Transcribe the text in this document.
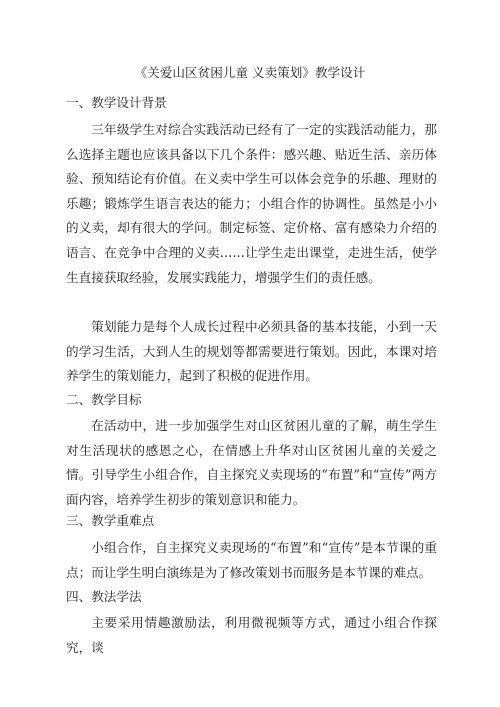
《关爱山区贫困儿童 义卖策划》教学设计
一、教学设计背景

三年级学生对综合实践活动已经有了一定的实践活动能力，那么选择主题也应该具备以下几个条件：感兴趣、贴近生活、亲历体验、预知结论有价值。在义卖中学生可以体会竞争的乐趣、理财的乐趣；锻炼学生语言表达的能力；小组合作的协调性。虽然是小小的义卖，却有很大的学问。制定标签、定价格、富有感染力介绍的语言、在竞争中合理的义卖……让学生走出课堂，走进生活，使学生直接获取经验，发展实践能力，增强学生们的责任感。

策划能力是每个人成长过程中必须具备的基本技能，小到一天的学习生活，大到人生的规划等都需要进行策划。因此，本课对培养学生的策划能力，起到了积极的促进作用。

二、教学目标

在活动中，进一步加强学生对山区贫困儿童的了解，萌生学生对生活现状的感恩之心，在情感上升华对山区贫困儿童的关爱之情。引导学生小组合作，自主探究义卖现场的“布置”和“宣传”两方面内容，培养学生初步的策划意识和能力。

三、教学重难点

小组合作，自主探究义卖现场的“布置”和“宣传”是本节课的重点；而让学生明白演练是为了修改策划书而服务是本节课的难点。

四、教法学法

主要采用情趣激励法，利用微视频等方式，通过小组合作探究，谈
